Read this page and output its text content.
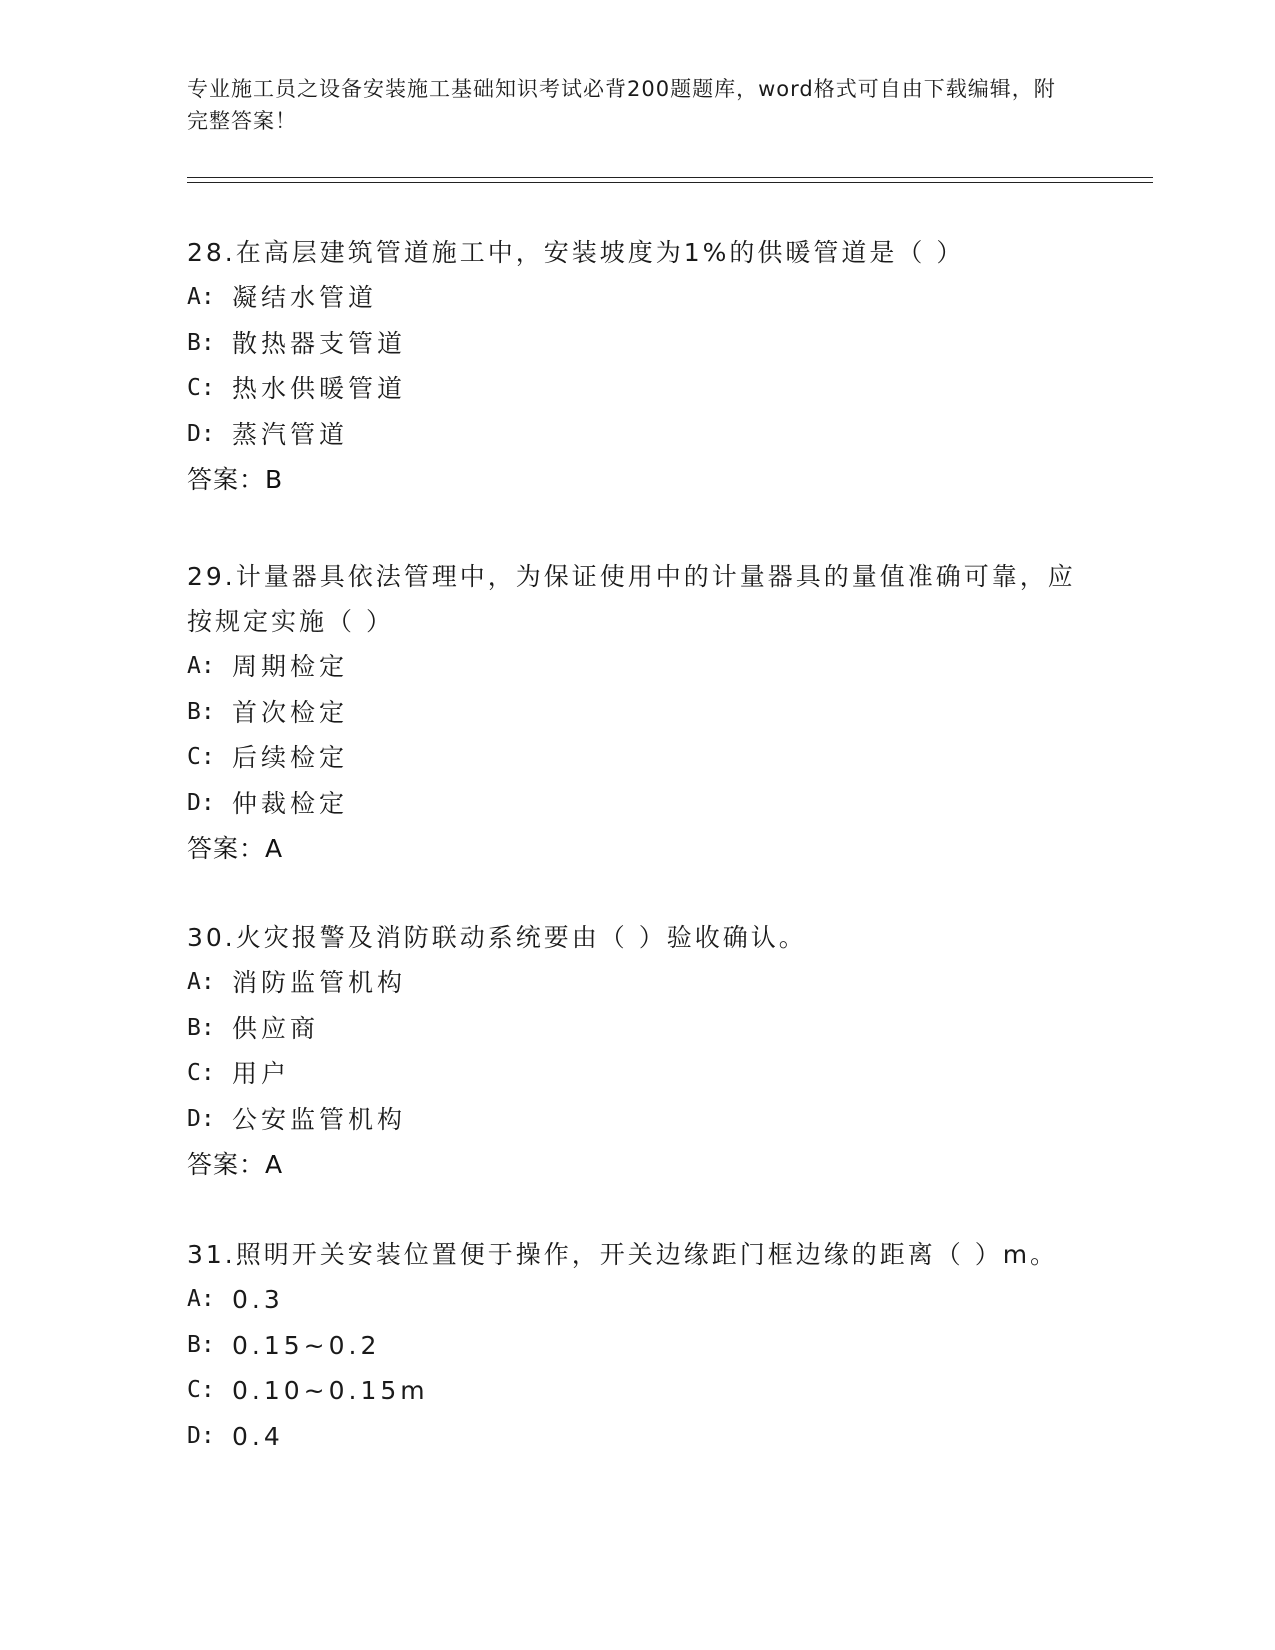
专业施工员之设备安装施工基础知识考试必背200题题库，word格式可自由下载编辑，附完整答案！
28.在高层建筑管道施工中，安装坡度为1%的供暖管道是（ ）
A: 凝结水管道
B: 散热器支管道
C: 热水供暖管道
D: 蒸汽管道
答案：B
29.计量器具依法管理中，为保证使用中的计量器具的量值准确可靠，应按规定实施（ ）
A: 周期检定
B: 首次检定
C: 后续检定
D: 仲裁检定
答案：A
30.火灾报警及消防联动系统要由（ ）验收确认。
A: 消防监管机构
B: 供应商
C: 用户
D: 公安监管机构
答案：A
31.照明开关安装位置便于操作，开关边缘距门框边缘的距离（ ）m。
A: 0.3
B: 0.15~0.2
C: 0.10~0.15m
D: 0.4
